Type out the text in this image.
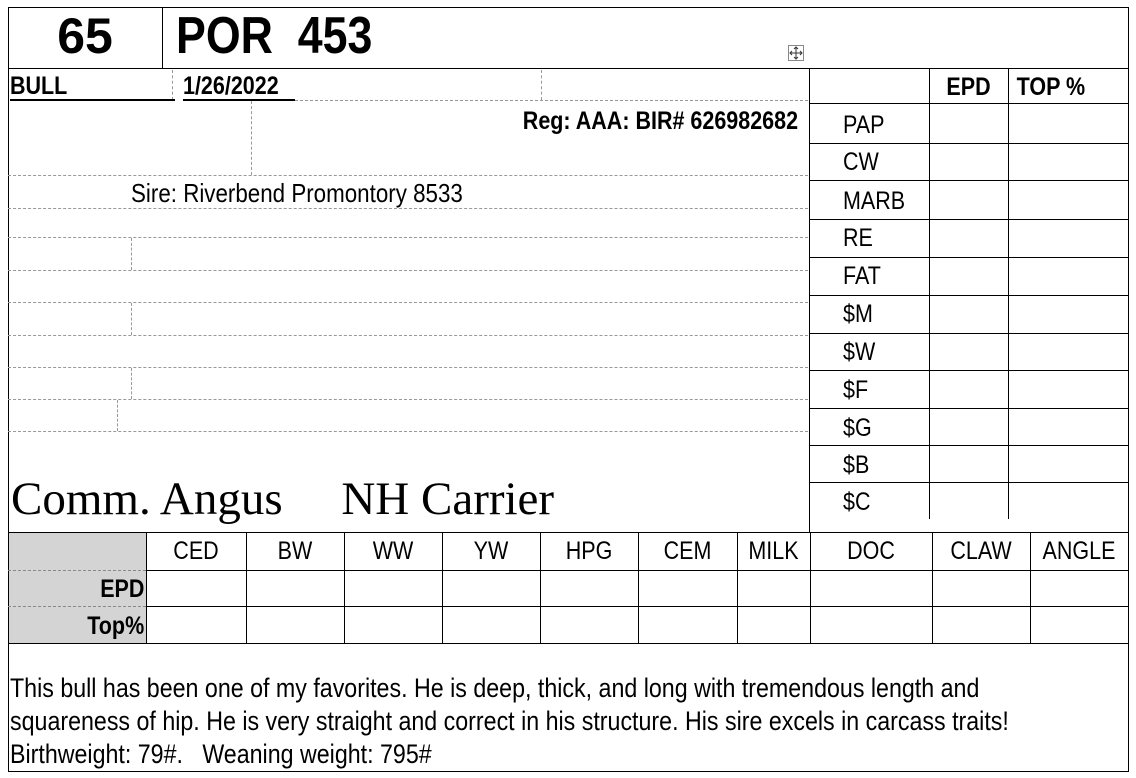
65	POR  453
BULL	1/26/2022
Reg: AAA: BIR# 626982682
Sire: Riverbend Promontory 8533
Comm. Angus     NH Carrier
EPD	TOP %
PAP
CW
MARB
RE
FAT
$M
$W
$F
$G
$B
$C
CED	BW	WW	YW	HPG	CEM	MILK	DOC	CLAW	ANGLE
EPD
Top%
This bull has been one of my favorites. He is deep, thick, and long with tremendous length and
squareness of hip. He is very straight and correct in his structure. His sire excels in carcass traits!
Birthweight: 79#.   Weaning weight: 795#
